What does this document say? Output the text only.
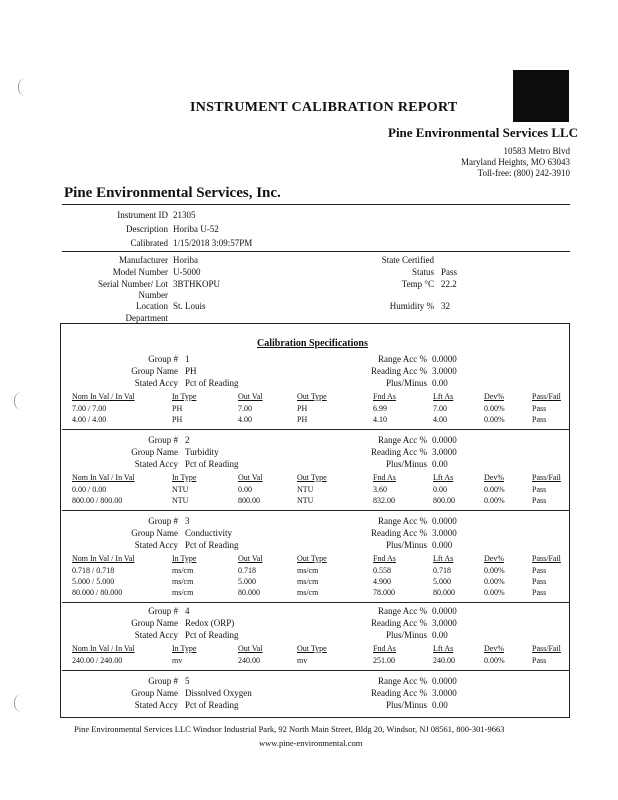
INSTRUMENT CALIBRATION REPORT
Pine Environmental Services LLC
10583 Metro Blvd
Maryland Heights, MO 63043
Toll-free: (800) 242-3910
Pine Environmental Services, Inc.
Instrument ID 21305
Description Horiba U-52
Calibrated 1/15/2018 3:09:57PM
Manufacturer Horiba
Model Number U-5000
Serial Number/ Lot 3BTHKOPU
Number
Location St. Louis
Department
State Certified
Status Pass
Temp °C 22.2
Humidity % 32
Calibration Specifications
Group # 1
Group Name PH
Stated Accy Pct of Reading
Range Acc % 0.0000
Reading Acc % 3.0000
Plus/Minus 0.00
Nom In Val / In Val	In Type	Out Val	Out Type	Fnd As	Lft As	Dev%	Pass/Fail
7.00 / 7.00	PH	7.00	PH	6.99	7.00	0.00%	Pass
4.00 / 4.00	PH	4.00	PH	4.10	4.00	0.00%	Pass
Group # 2
Group Name Turbidity
Stated Accy Pct of Reading
Range Acc % 0.0000
Reading Acc % 3.0000
Plus/Minus 0.00
Nom In Val / In Val	In Type	Out Val	Out Type	Fnd As	Lft As	Dev%	Pass/Fail
0.00 / 0.00	NTU	0.00	NTU	3.60	0.00	0.00%	Pass
800.00 / 800.00	NTU	800.00	NTU	832.00	800.00	0.00%	Pass
Group # 3
Group Name Conductivity
Stated Accy Pct of Reading
Range Acc % 0.0000
Reading Acc % 3.0000
Plus/Minus 0.000
Nom In Val / In Val	In Type	Out Val	Out Type	Fnd As	Lft As	Dev%	Pass/Fail
0.718 / 0.718	ms/cm	0.718	ms/cm	0.558	0.718	0.00%	Pass
5.000 / 5.000	ms/cm	5.000	ms/cm	4.900	5.000	0.00%	Pass
80.000 / 80.000	ms/cm	80.000	ms/cm	78.000	80.000	0.00%	Pass
Group # 4
Group Name Redox (ORP)
Stated Accy Pct of Reading
Range Acc % 0.0000
Reading Acc % 3.0000
Plus/Minus 0.00
Nom In Val / In Val	In Type	Out Val	Out Type	Fnd As	Lft As	Dev%	Pass/Fail
240.00 / 240.00	mv	240.00	mv	251.00	240.00	0.00%	Pass
Group # 5
Group Name Dissolved Oxygen
Stated Accy Pct of Reading
Range Acc % 0.0000
Reading Acc % 3.0000
Plus/Minus 0.00
Pine Environmental Services LLC Windsor Industrial Park, 92 North Main Street, Bldg 20, Windsor, NJ 08561, 800-301-9663
www.pine-environmental.com
